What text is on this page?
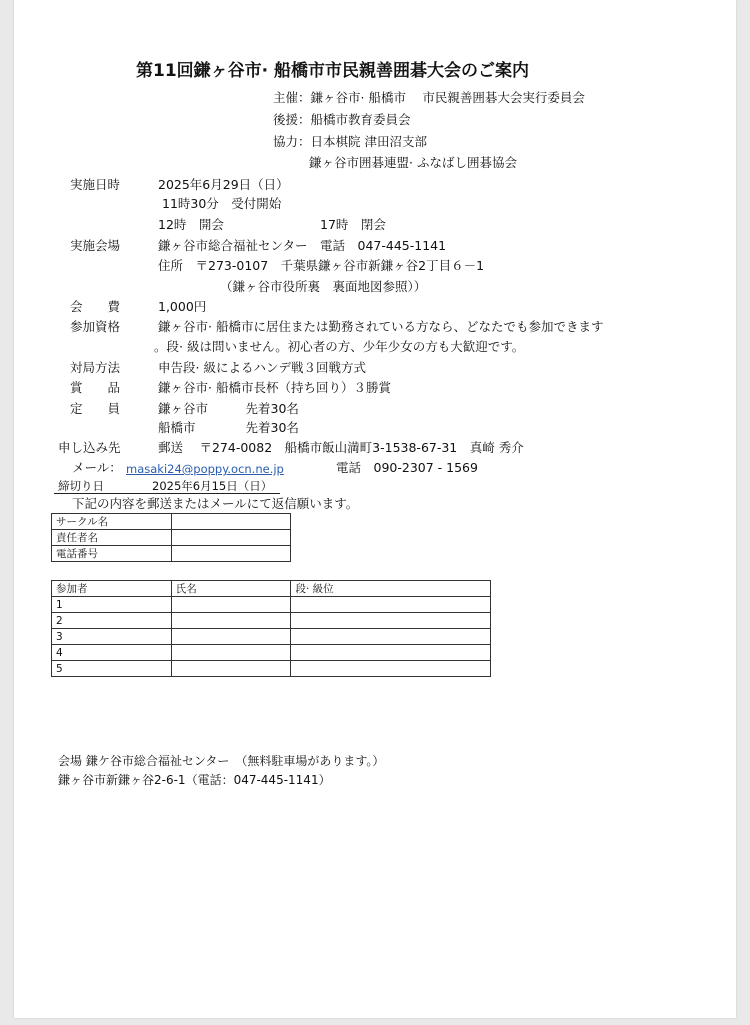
第11回鎌ヶ谷市· 船橋市市民親善囲碁大会のご案内
主催：鎌ヶ谷市· 船橋市　 市民親善囲碁大会実行委員会
後援：船橋市教育委員会
協力：日本棋院 津田沼支部
鎌ヶ谷市囲碁連盟· ふなばし囲碁協会
実施日時	2025年6月29日（日）
11時30分　受付開始
12時　開会	17時　閉会
実施会場	鎌ヶ谷市総合福祉センター　電話　047-445-1141
住所　〒273-0107　千葉県鎌ヶ谷市新鎌ヶ谷2丁目６－1
（鎌ヶ谷市役所裏　裏面地図参照））
会　　費	1,000円
参加資格	鎌ヶ谷市· 船橋市に居住または勤務されている方なら、どなたでも参加できます
。段· 級は問いません。初心者の方、少年少女の方も大歓迎です。
対局方法	申告段· 級によるハンデ戦３回戦方式
賞　　品	鎌ヶ谷市· 船橋市長杯（持ち回り）３勝賞
定　　員	鎌ヶ谷市　　　先着30名
船橋市　　　　先着30名
申し込み先	郵送　 〒274-0082　船橋市飯山満町3-1538-67-31　真崎 秀介
メール： masaki24@poppy.ocn.ne.jp	電話　090-2307 - 1569
締切り日	2025年6月15日（日）
下記の内容を郵送またはメールにて返信願います。
サークル名	
責任者名	
電話番号	
参加者	氏名	段· 級位
1		
2		
3		
4		
5		
会場 鎌ケ谷市総合福祉センター　（無料駐車場があります。）
鎌ヶ谷市新鎌ヶ谷2-6-1（電話：047-445-1141）
